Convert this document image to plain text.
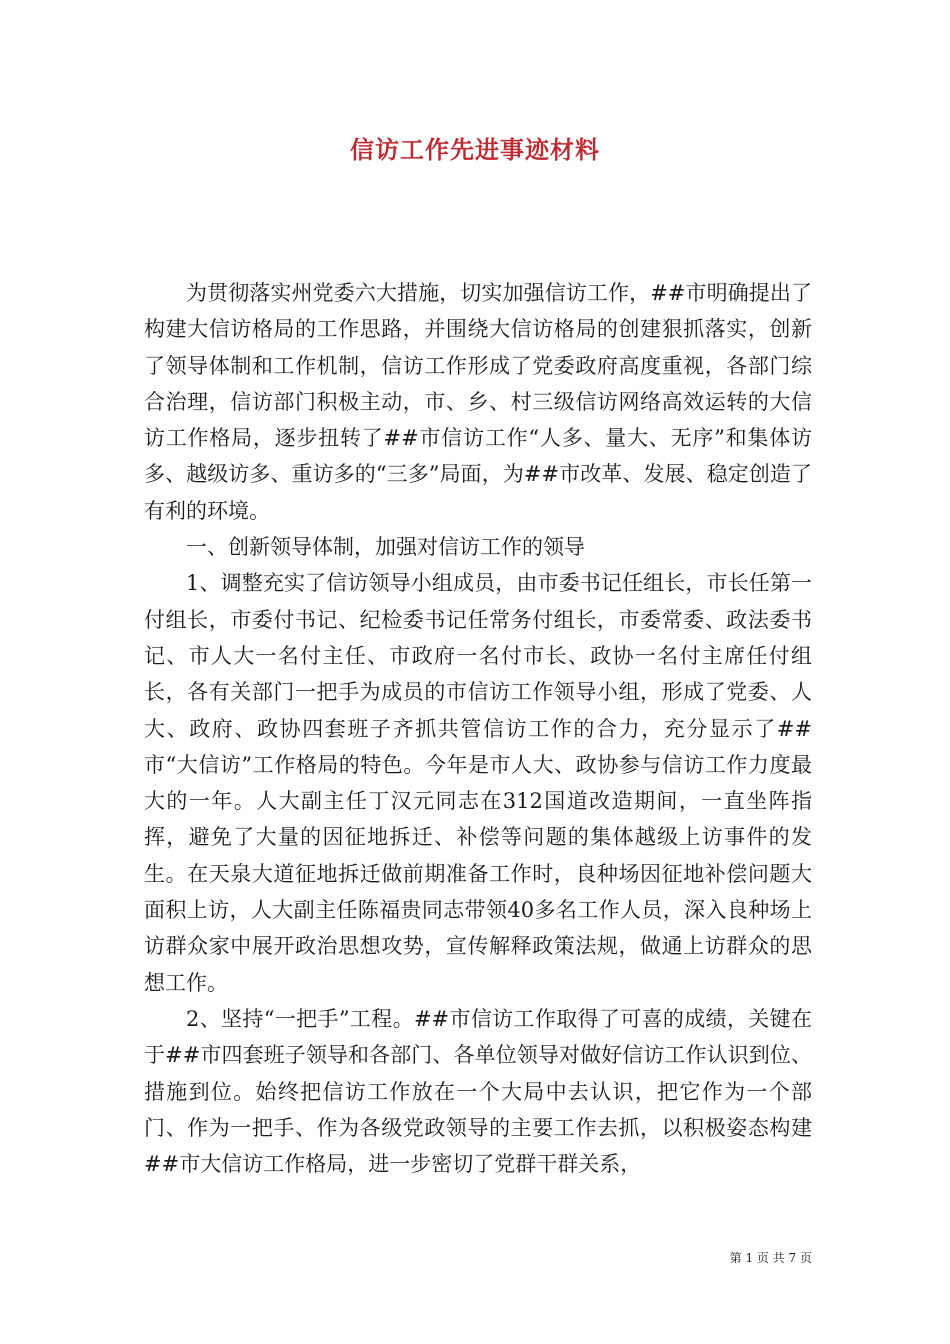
信访工作先进事迹材料

为贯彻落实州党委六大措施，切实加强信访工作，##市明确提出了构建大信访格局的工作思路，并围绕大信访格局的创建狠抓落实，创新了领导体制和工作机制，信访工作形成了党委政府高度重视，各部门综合治理，信访部门积极主动，市、乡、村三级信访网络高效运转的大信访工作格局，逐步扭转了##市信访工作“人多、量大、无序”和集体访多、越级访多、重访多的“三多”局面，为##市改革、发展、稳定创造了有利的环境。

一、创新领导体制，加强对信访工作的领导

1、调整充实了信访领导小组成员，由市委书记任组长，市长任第一付组长，市委付书记、纪检委书记任常务付组长，市委常委、政法委书记、市人大一名付主任、市政府一名付市长、政协一名付主席任付组长，各有关部门一把手为成员的市信访工作领导小组，形成了党委、人大、政府、政协四套班子齐抓共管信访工作的合力，充分显示了##市“大信访”工作格局的特色。今年是市人大、政协参与信访工作力度最大的一年。人大副主任丁汉元同志在312国道改造期间，一直坐阵指挥，避免了大量的因征地拆迁、补偿等问题的集体越级上访事件的发生。在天泉大道征地拆迁做前期准备工作时，良种场因征地补偿问题大面积上访，人大副主任陈福贵同志带领40多名工作人员，深入良种场上访群众家中展开政治思想攻势，宣传解释政策法规，做通上访群众的思想工作。

2、坚持“一把手”工程。##市信访工作取得了可喜的成绩，关键在于##市四套班子领导和各部门、各单位领导对做好信访工作认识到位、措施到位。始终把信访工作放在一个大局中去认识，把它作为一个部门、作为一把手、作为各级党政领导的主要工作去抓，以积极姿态构建##市大信访工作格局，进一步密切了党群干群关系，

第 1 页 共 7 页
